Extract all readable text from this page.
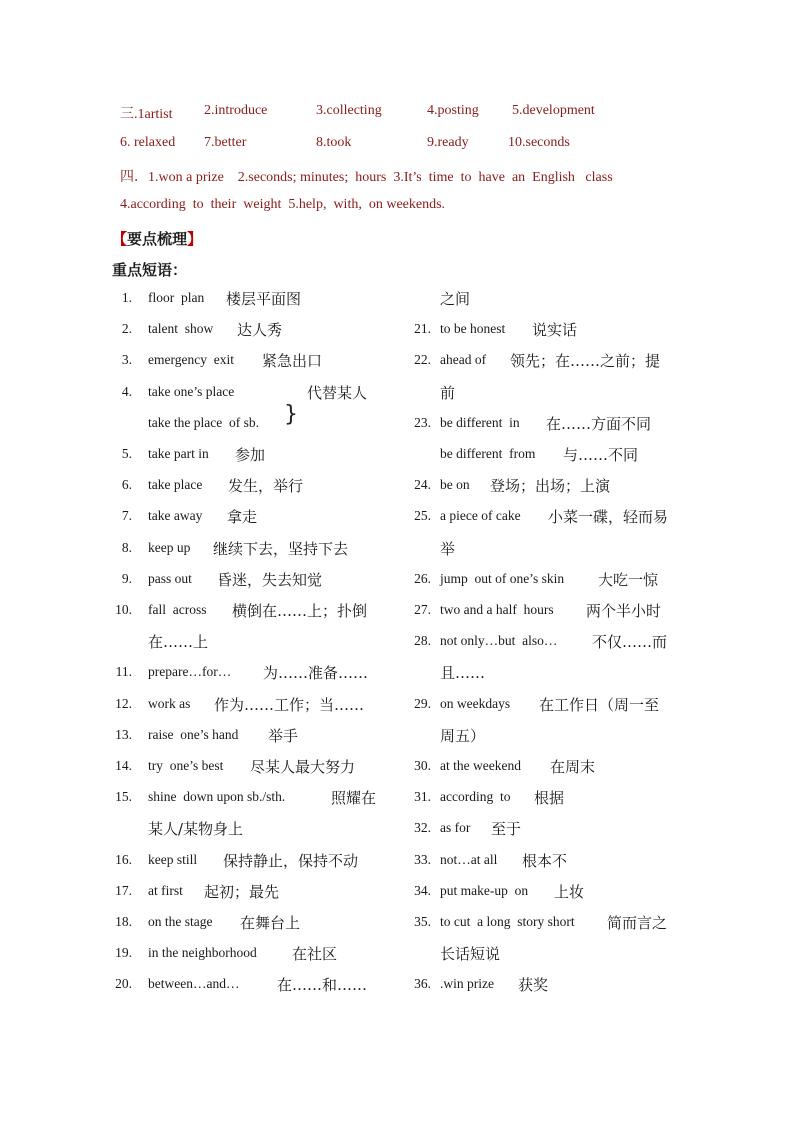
三.1artist 2.introduce	3.collecting	4.posting 5.development
6. relaxed 7.better	8.took	9.ready	10.seconds
四．1.won a prize    2.seconds; minutes;  hours  3.It’s  time  to  have  an  English   class
4.according  to  their  weight  5.help,  with,  on weekends.
【要点梳理】
重点短语：
1. floor  plan 楼层平面图
2. talent  show 达人秀
3. emergency  exit 紧急出口
4. take one’s place	代替某人
take the place  of sb.
5. take part in 参加
6. take place 发生，举行
7. take away 拿走
8. keep up 继续下去，坚持下去
9. pass out 昏迷，失去知觉
10. fall  across 横倒在……上；扑倒
在……上
11. prepare…for… 为……准备……
12. work as 作为……工作；当……
13. raise  one’s hand 举手
14. try  one’s best 尽某人最大努力
15. shine  down upon sb./sth.	照耀在
某人/某物身上
16. keep still 保持静止，保持不动
17. at first 起初；最先
18. on the stage 在舞台上
19. in the neighborhood 在社区
20. between…and…	在……和……
之间
21. to be honest 说实话
22. ahead of 领先；在……之前；提
前
23. be different  in 在……方面不同
be different  from 与……不同
24. be on 登场；出场；上演
25. a piece of cake 小菜一碟，轻而易
举
26. jump  out of one’s skin 大吃一惊
27. two and a half  hours 两个半小时
28. not only…but  also… 不仅……而
且……
29. on weekdays 在工作日（周一至
周五）
30. at the weekend 在周末
31. according  to 根据
32. as for 至于
33. not…at all 根本不
34. put make-up  on 上妆
35. to cut  a long  story short 简而言之
长话短说
36. .win prize 获奖
}
